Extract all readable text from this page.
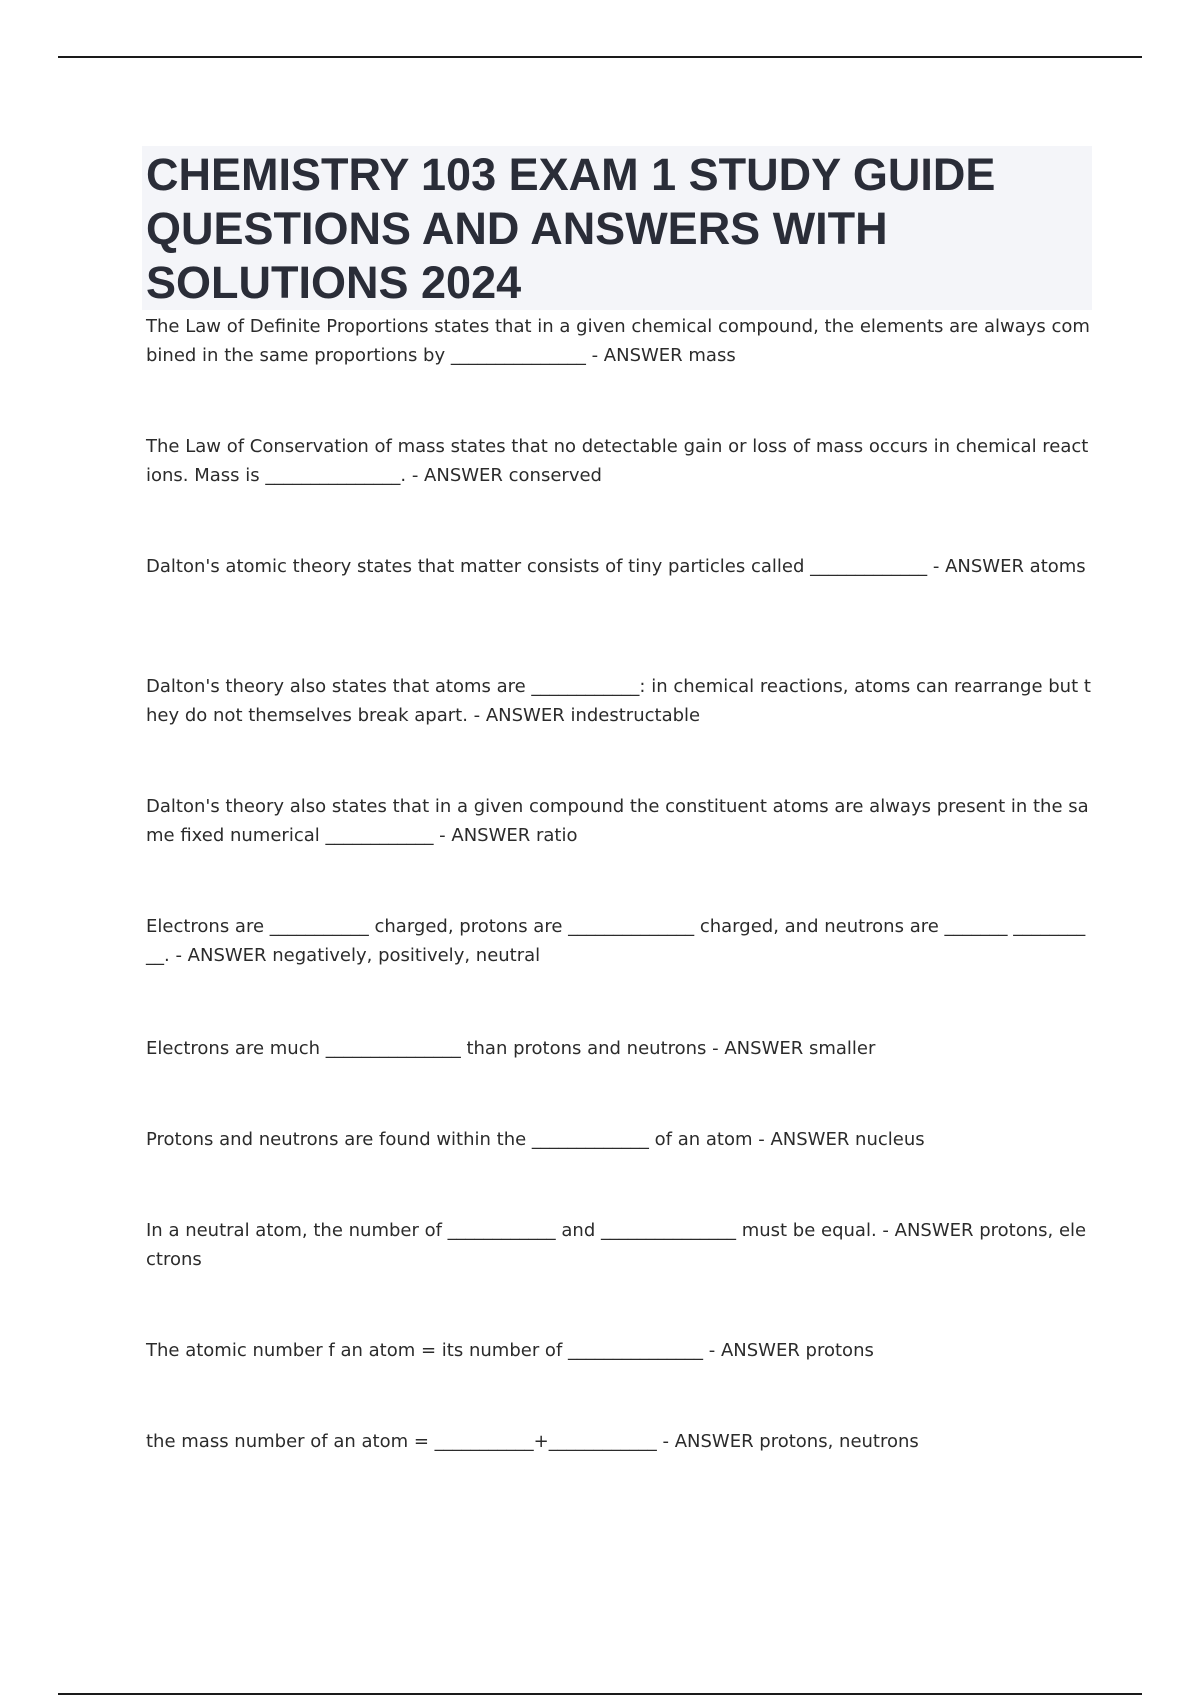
CHEMISTRY 103 EXAM 1 STUDY GUIDE QUESTIONS AND ANSWERS WITH SOLUTIONS 2024
The Law of Definite Proportions states that in a given chemical compound, the elements are always combined in the same proportions by _______________ - ANSWER mass
The Law of Conservation of mass states that no detectable gain or loss of mass occurs in chemical reactions. Mass is _______________. - ANSWER conserved
Dalton's atomic theory states that matter consists of tiny particles called _____________ - ANSWER atoms
Dalton's theory also states that atoms are ____________: in chemical reactions, atoms can rearrange but they do not themselves break apart. - ANSWER indestructable
Dalton's theory also states that in a given compound the constituent atoms are always present in the same fixed numerical ____________ - ANSWER ratio
Electrons are ___________ charged, protons are ______________ charged, and neutrons are _______ __________. - ANSWER negatively, positively, neutral
Electrons are much _______________ than protons and neutrons - ANSWER smaller
Protons and neutrons are found within the _____________ of an atom - ANSWER nucleus
In a neutral atom, the number of ____________ and _______________ must be equal. - ANSWER protons, electrons
The atomic number f an atom = its number of _______________ - ANSWER protons
the mass number of an atom = ___________+____________ - ANSWER protons, neutrons
